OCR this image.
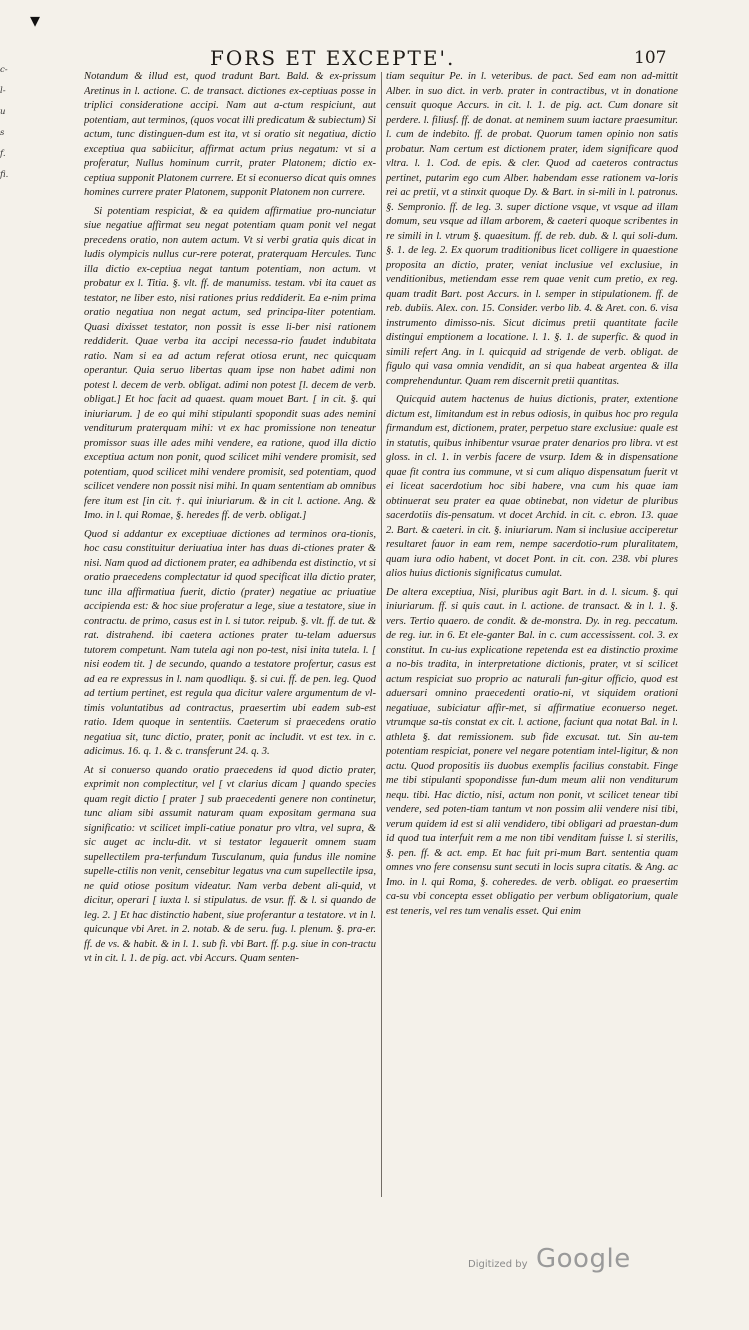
▾
c-
l-
u
s
f.
fi.
FORS ET EXCEPTE'.	107

Notandum & illud est, quod tradunt Bart. Bald. & ex-prissum Aretinus in l. actione. C. de transact. dictiones ex-ceptiuas posse in triplici consideratione accipi. Nam aut a-ctum respiciunt, aut potentiam, aut terminos, (quos vocat illi predicatum & subiectum) Si actum, tunc distinguen-dum est ita, vt si oratio sit negatiua, dictio exceptiua qua sabiicitur, affirmat actum prius negatum: vt si a proferatur, Nullus hominum currit, prater Platonem; dictio ex-ceptiua supponit Platonem currere. Et si econuerso dicat quis omnes homines currere prater Platonem, supponit Platonem non currere.

Si potentiam respiciat, & ea quidem affirmatiue pro-nunciatur siue negatiue affirmat seu negat potentiam quam ponit vel negat precedens oratio, non autem actum. Vt si verbi gratia quis dicat in ludis olympicis nullus cur-rere poterat, praterquam Hercules. Tunc illa dictio ex-ceptiua negat tantum potentiam, non actum. vt probatur ex l. Titia. §. vlt. ff. de manumiss. testam. vbi ita cauet as testator, ne liber esto, nisi rationes prius reddiderit. Ea e-nim prima oratio negatiua non negat actum, sed principa-liter potentiam. Quasi dixisset testator, non possit is esse li-ber nisi rationem reddiderit. Quae verba ita accipi necessa-rio faudet indubitata ratio. Nam si ea ad actum referat otiosa erunt, nec quicquam operantur. Quia seruo libertas quam ipse non habet adimi non potest l. decem de verb. obligat. adimi non potest [l. decem de verb. obligat.] Et hoc facit ad quaest. quam mouet Bart. [ in cit. §. qui iniuriarum. ] de eo qui mihi stipulanti spopondit suas ades nemini venditurum praterquam mihi: vt ex hac promissione non teneatur promissor suas ille ades mihi vendere, ea ratione, quod illa dictio exceptiua actum non ponit, quod scilicet mihi vendere promisit, sed potentiam, quod scilicet mihi vendere promisit, sed potentiam, quod scilicet vendere non possit nisi mihi. In quam sententiam ab omnibus fere itum est [in cit. †. qui iniuriarum. & in cit l. actione. Ang. & Imo. in l. qui Romae, §. heredes ff. de verb. obligat.]

Quod si addantur ex exceptiuae dictiones ad terminos ora-tionis, hoc casu constituitur deriuatiua inter has duas di-ctiones prater & nisi. Nam quod ad dictionem prater, ea adhibenda est distinctio, vt si oratio praecedens complectatur id quod specificat illa dictio prater, tunc illa affirmatiua fuerit, dictio (prater) negatiue ac priuatiue accipienda est: & hoc siue proferatur a lege, siue a testatore, siue in contractu. de primo, casus est in l. si tutor. reipub. §. vlt. ff. de tut. & rat. distrahend. ibi caetera actiones prater tu-telam aduersus tutorem competunt. Nam tutela agi non po-test, nisi inita tutela. l. [ nisi eodem tit. ] de secundo, quando a testatore profertur, casus est ad ea re expressus in l. nam quodliqu. §. si cui. ff. de pen. leg. Quod ad tertium pertinet, est regula qua dicitur valere argumentum de vl-timis voluntatibus ad contractus, praesertim ubi eadem sub-est ratio. Idem quoque in sententiis. Caeterum si praecedens oratio negatiua sit, tunc dictio, prater, ponit ac includit. vt est tex. in c. adicimus. 16. q. 1. & c. transferunt 24. q. 3.

At si conuerso quando oratio praecedens id quod dictio prater, exprimit non complectitur, vel [ vt clarius dicam ] quando species quam regit dictio [ prater ] sub praecedenti genere non continetur, tunc aliam sibi assumit naturam quam expositam germana sua significatio: vt scilicet impli-catiue ponatur pro vltra, vel supra, & sic auget ac inclu-dit. vt si testator legauerit omnem suam supellectilem pra-terfundum Tusculanum, quia fundus ille nomine supelle-ctilis non venit, censebitur legatus vna cum supellectile ipsa, ne quid otiose positum videatur. Nam verba debent ali-quid, vt dicitur, operari [ iuxta l. si stipulatus. de vsur. ff. & l. si quando de leg. 2. ] Et hac distinctio habent, siue proferantur a testatore. vt in l. quicunque vbi Aret. in 2. notab. & de seru. fug. l. plenum. §. pra-er. ff. de vs. & habit. & in l. 1. sub fi. vbi Bart. ff. p.g. siue in con-tractu vt in cit. l. 1. de pig. act. vbi Accurs. Quam senten-

tiam sequitur Pe. in l. veteribus. de pact. Sed eam non ad-mittit Alber. in suo dict. in verb. prater in contractibus, vt in donatione censuit quoque Accurs. in cit. l. 1. de pig. act. Cum donare sit perdere. l. filiusf. ff. de donat. at neminem suum iactare praesumitur. l. cum de indebito. ff. de probat. Quorum tamen opinio non satis probatur. Nam certum est dictionem prater, idem significare quod vltra. l. 1. Cod. de epis. & cler. Quod ad caeteros contractus pertinet, putarim ego cum Alber. habendam esse rationem va-loris rei ac pretii, vt a stinxit quoque Dy. & Bart. in si-mili in l. patronus. §. Sempronio. ff. de leg. 3. super dictione vsque, vt vsque ad illam domum, seu vsque ad illam arborem, & caeteri quoque scribentes in re simili in l. vtrum §. quaesitum. ff. de reb. dub. & l. qui soli-dum. §. 1. de leg. 2. Ex quorum traditionibus licet colligere in quaestione proposita an dictio, prater, veniat inclusiue vel exclusiue, in venditionibus, metiendam esse rem quae venit cum pretio, ex reg. quam tradit Bart. post Accurs. in l. semper in stipulationem. ff. de reb. dubiis. Alex. con. 15. Consider. verbo lib. 4. & Aret. con. 6. visa instrumento dimisso-nis. Sicut dicimus pretii quantitate facile distingui emptionem a locatione. l. 1. §. 1. de superfic. & quod in simili refert Ang. in l. quicquid ad strigende de verb. obligat. de figulo qui vasa omnia vendidit, an si qua habeat argentea & illa comprehenduntur. Quam rem discernit pretii quantitas.

Quicquid autem hactenus de huius dictionis, prater, extentione dictum est, limitandum est in rebus odiosis, in quibus hoc pro regula firmandum est, dictionem, prater, perpetuo stare exclusiue: quale est in statutis, quibus inhibentur vsurae prater denarios pro libra. vt est gloss. in cl. 1. in verbis facere de vsurp. Idem & in dispensatione quae fit contra ius commune, vt si cum aliquo dispensatum fuerit vt ei liceat sacerdotium hoc sibi habere, vna cum his quae iam obtinuerat seu prater ea quae obtinebat, non videtur de pluribus sacerdotiis dis-pensatum. vt docet Archid. in cit. c. ebron. 13. quae 2. Bart. & caeteri. in cit. §. iniuriarum. Nam si inclusiue acciperetur resultaret fauor in eam rem, nempe sacerdotio-rum pluralitatem, quam iura odio habent, vt docet Pont. in cit. con. 238. vbi plures alios huius dictionis significatus cumulat.

De altera exceptiua, Nisi, pluribus agit Bart. in d. l. sicum. §. qui iniuriarum. ff. si quis caut. in l. actione. de transact. & in l. 1. §. vers. Tertio quaero. de condit. & de-monstra. Dy. in reg. peccatum. de reg. iur. in 6. Et ele-ganter Bal. in c. cum accessissent. col. 3. ex constitut. In cu-ius explicatione repetenda est ea distinctio proxime a no-bis tradita, in interpretatione dictionis, prater, vt si scilicet actum respiciat suo proprio ac naturali fun-gitur officio, quod est aduersari omnino praecedenti oratio-ni, vt siquidem orationi negatiuae, subiciatur affir-met, si affirmatiue econuerso neget. vtrumque sa-tis constat ex cit. l. actione, faciunt qua notat Bal. in l. athleta §. dat remissionem. sub fide excusat. tut. Sin au-tem potentiam respiciat, ponere vel negare potentiam intel-ligitur, & non actu. Quod propositis iis duobus exemplis facilius constabit. Finge me tibi stipulanti spopondisse fun-dum meum alii non venditurum nequ. tibi. Hac dictio, nisi, actum non ponit, vt scilicet tenear tibi vendere, sed poten-tiam tantum vt non possim alii vendere nisi tibi, verum quidem id est si alii vendidero, tibi obligari ad praestan-dum id quod tua interfuit rem a me non tibi venditam fuisse l. si sterilis, §. pen. ff. & act. emp. Et hac fuit pri-mum Bart. sententia quam omnes vno fere consensu sunt secuti in locis supra citatis. & Ang. ac Imo. in l. qui Roma, §. coheredes. de verb. obligat. eo praesertim ca-su vbi concepta esset obligatio per verbum obligatorium, quale est teneris, vel res tum venalis esset. Qui enim

Digitized by Google
